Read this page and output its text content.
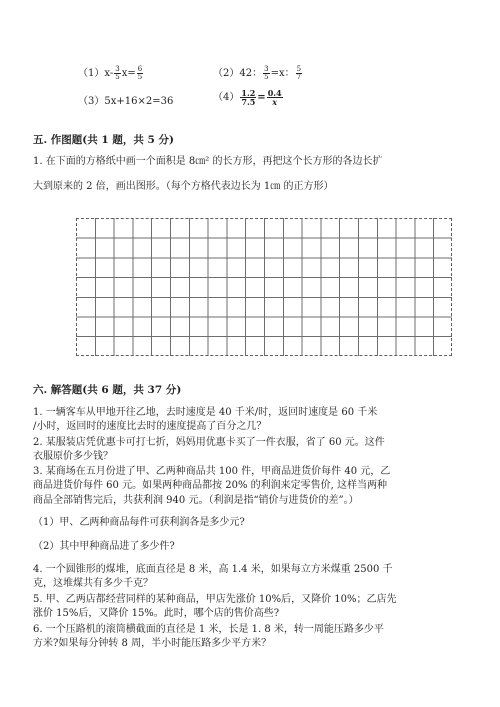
$(1)x- \frac{3}{5} x= \frac{6}{5}$	（2）42： $\frac{3}{5} =x$： $\frac{5}{7}$
（3）5x+16×2=36	$(4) \frac{1.2}{7.5} = \frac{0.4}{x}$
五. 作图题(共 1 题，共 5 分)
1. 在下面的方格纸中画一个面积是 8㎝² 的长方形，再把这个长方形的各边长扩
大到原来的 2 倍，画出图形。（每个方格代表边长为 1㎝ 的正方形）
六. 解答题(共 6 题，共 37 分)
1. 一辆客车从甲地开往乙地，去时速度是 40 千米/时，返回时速度是 60 千米
/小时，返回时的速度比去时的速度提高了百分之几？
2. 某服装店凭优惠卡可打七折，妈妈用优惠卡买了一件衣服，省了 60 元。这件
衣服原价多少钱？
3. 某商场在五月份进了甲、乙两种商品共 100 件，甲商品进货价每件 40 元，乙
商品进货价每件 60 元。如果两种商品都按 20% 的利润来定零售价, 这样当两种
商品全部销售完后，共获利润 940 元。（利润是指“销价与进货价的差”。）
（1）甲、乙两种商品每件可获利润各是多少元?
（2）其中甲种商品进了多少件?
4. 一个圆锥形的煤堆，底面直径是 8 米，高 1.4 米，如果每立方米煤重 2500 千
克，这堆煤共有多少千克？
5. 甲、乙两店都经营同样的某种商品，甲店先涨价 10%后，又降价 10%；乙店先
涨价 15%后，又降价 15%。此时，哪个店的售价高些?
6. 一个压路机的滚筒横截面的直径是 1 米，长是 1. 8 米，转一周能压路多少平
方米?如果每分钟转 8 周，半小时能压路多少平方米？
